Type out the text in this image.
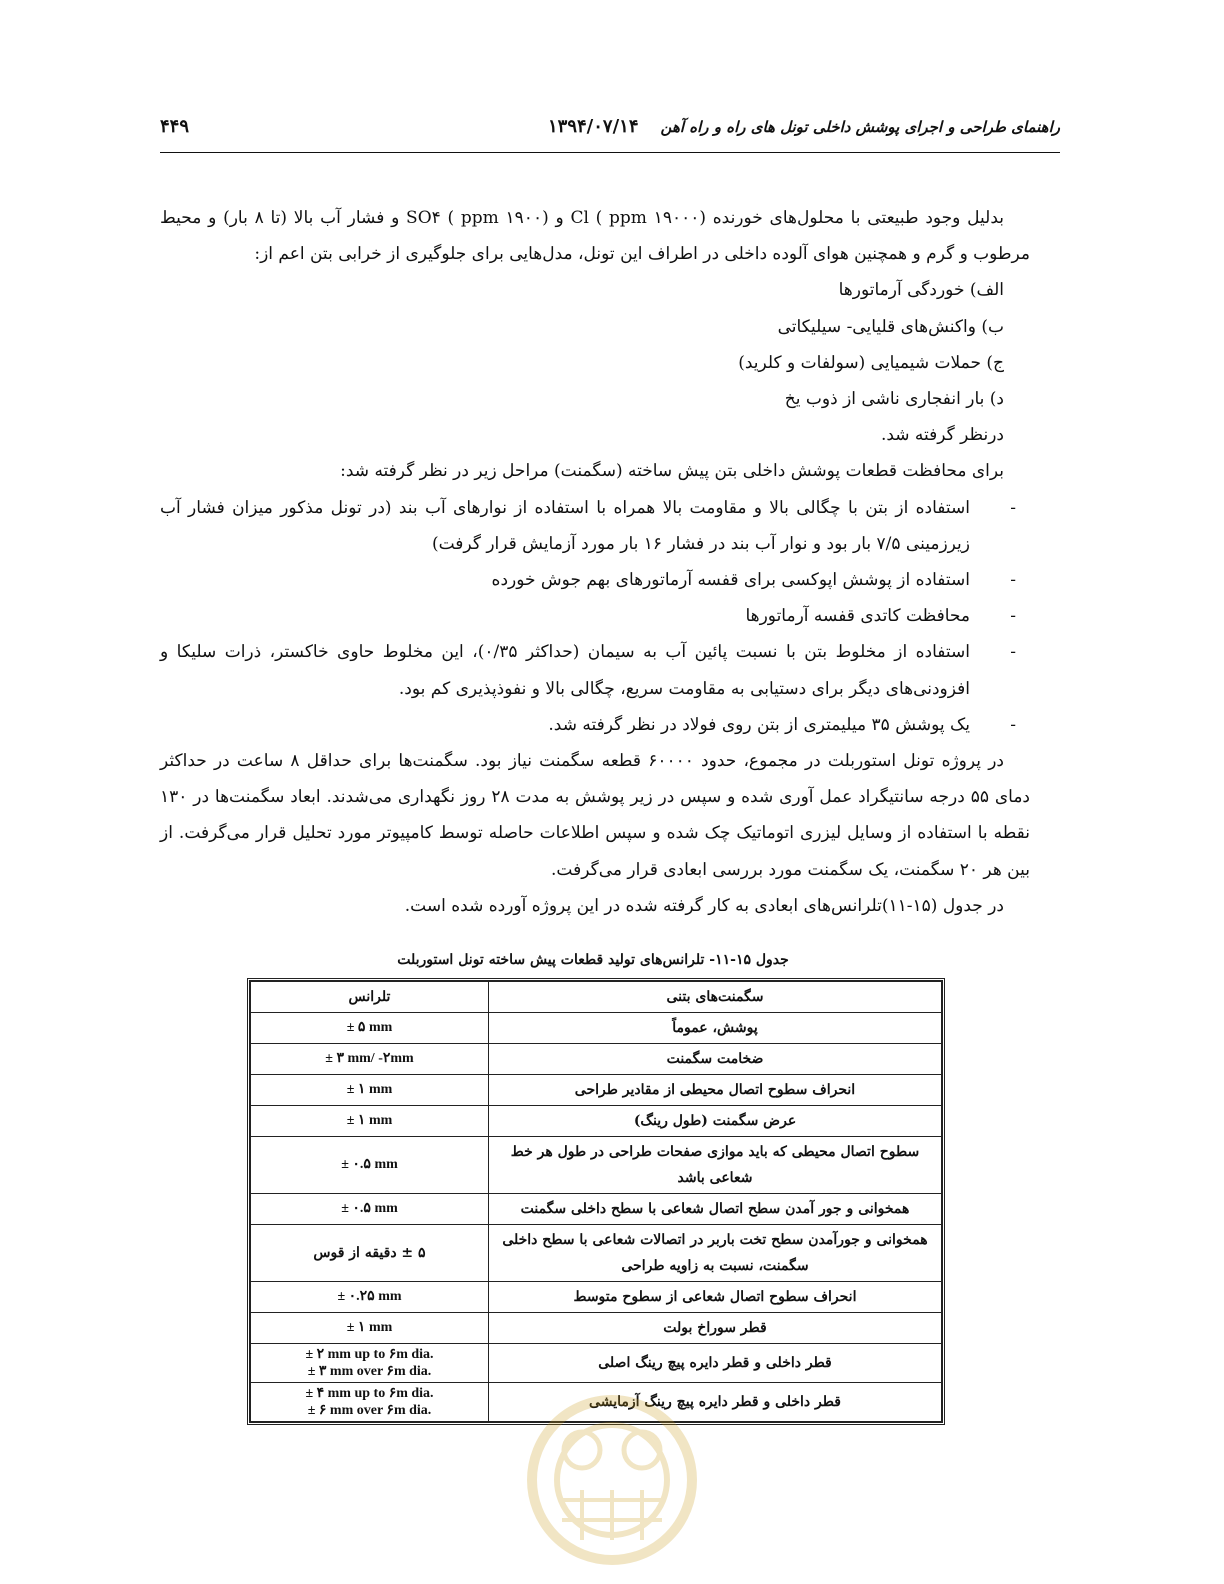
راهنمای طراحی و اجرای پوشش داخلی تونل های راه و راه آهن
۱۳۹۴/۰۷/۱۴
۴۴۹

بدلیل وجود طبیعتی با محلول‌های خورنده Cl ( ppm ۱۹۰۰۰) و SO۴ ( ppm ۱۹۰۰) و فشار آب بالا (تا ۸ بار) و محیط مرطوب و گرم و همچنین هوای آلوده داخلی در اطراف این تونل، مدل‌هایی برای جلوگیری از خرابی بتن اعم از:

الف) خوردگی آرماتورها

ب) واکنش‌های قلیایی- سیلیکاتی

ج) حملات شیمیایی (سولفات و کلرید)

د) بار انفجاری ناشی از ذوب یخ

درنظر گرفته شد.

برای محافظت قطعات پوشش داخلی بتن پیش ساخته (سگمنت) مراحل زیر در نظر گرفته شد:

- استفاده از بتن با چگالی بالا و مقاومت بالا همراه با استفاده از نوارهای آب بند (در تونل مذکور میزان فشار آب زیرزمینی ۷/۵ بار بود و نوار آب بند در فشار ۱۶ بار مورد آزمایش قرار گرفت)
- استفاده از پوشش اپوکسی برای قفسه آرماتورهای بهم جوش خورده
- محافظت کاتدی قفسه آرماتورها
- استفاده از مخلوط بتن با نسبت پائین آب به سیمان (حداکثر ۰/۳۵)، این مخلوط حاوی خاکستر، ذرات سلیکا و افزودنی‌های دیگر برای دستیابی به مقاومت سریع، چگالی بالا و نفوذپذیری کم بود.
- یک پوشش ۳۵ میلیمتری از بتن روی فولاد در نظر گرفته شد.

در پروژه تونل استوربلت در مجموع، حدود ۶۰۰۰۰ قطعه سگمنت نیاز بود. سگمنت‌ها برای حداقل ۸ ساعت در حداکثر دمای ۵۵ درجه سانتیگراد عمل آوری شده و سپس در زیر پوشش به مدت ۲۸ روز نگهداری می‌شدند. ابعاد سگمنت‌ها در ۱۳۰ نقطه با استفاده از وسایل لیزری اتوماتیک چک شده و سپس اطلاعات حاصله توسط کامپیوتر مورد تحلیل قرار می‌گرفت. از بین هر ۲۰ سگمنت، یک سگمنت مورد بررسی ابعادی قرار می‌گرفت.

در جدول (۱۵-۱۱)تلرانس‌های ابعادی به کار گرفته شده در این پروژه آورده شده است.

جدول ۱۵-۱۱- تلرانس‌های تولید قطعات پیش ساخته تونل استوربلت
سگمنت‌های بتنی	تلرانس
پوشش، عموماً	± ۵ mm
ضخامت سگمنت	± ۳ mm/ -۲mm
انحراف سطوح اتصال محیطی از مقادیر طراحی	± ۱ mm
عرض سگمنت (طول رینگ)	± ۱ mm
سطوح اتصال محیطی که باید موازی صفحات طراحی در طول هر خط شعاعی باشد	± ۰.۵ mm
همخوانی و جور آمدن سطح اتصال شعاعی با سطح داخلی سگمنت	± ۰.۵ mm
همخوانی و جورآمدن سطح تخت باربر در اتصالات شعاعی با سطح داخلی سگمنت، نسبت به زاویه طراحی	۵ ± دقیقه از قوس
انحراف سطوح اتصال شعاعی از سطوح متوسط	± ۰.۲۵ mm
قطر سوراخ بولت	± ۱ mm
قطر داخلی و قطر دایره پیچ رینگ اصلی	± ۲ mm up to ۶m dia.
± ۳ mm over ۶m dia.

قطر داخلی و قطر دایره پیچ رینگ آزمایشی	± ۴ mm up to ۶m dia.
± ۶ mm over ۶m dia.
